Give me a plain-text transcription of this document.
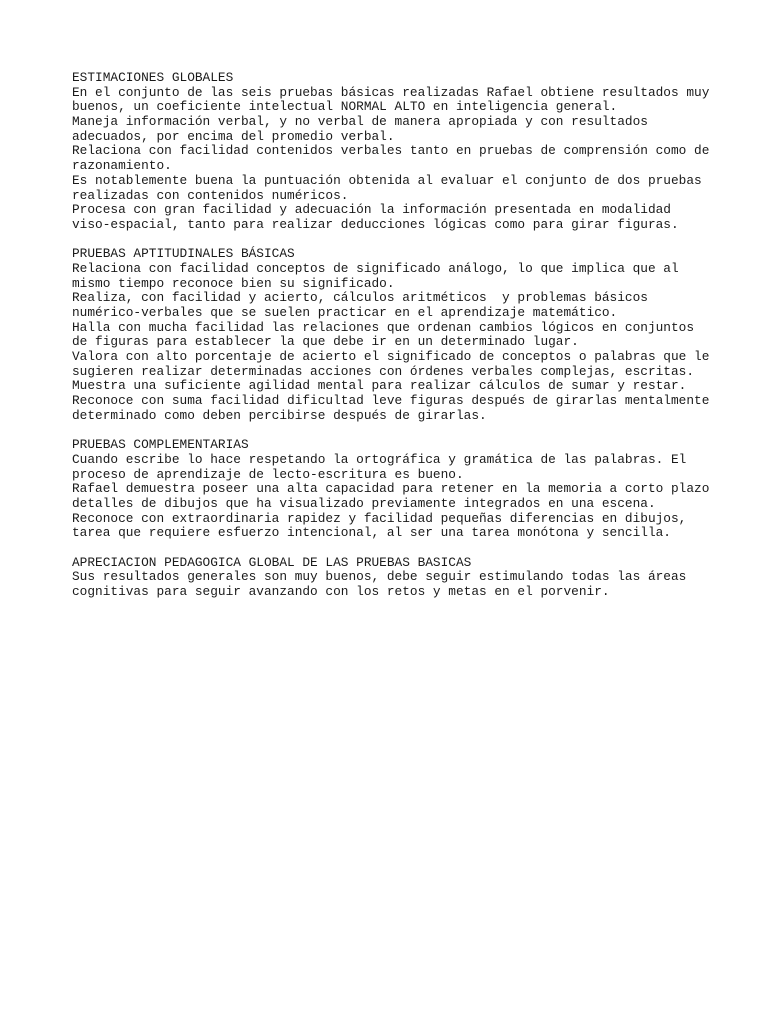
ESTIMACIONES GLOBALES
En el conjunto de las seis pruebas básicas realizadas Rafael obtiene resultados muy
buenos, un coeficiente intelectual NORMAL ALTO en inteligencia general.
Maneja información verbal, y no verbal de manera apropiada y con resultados
adecuados, por encima del promedio verbal.
Relaciona con facilidad contenidos verbales tanto en pruebas de comprensión como de
razonamiento.
Es notablemente buena la puntuación obtenida al evaluar el conjunto de dos pruebas
realizadas con contenidos numéricos.
Procesa con gran facilidad y adecuación la información presentada en modalidad
viso-espacial, tanto para realizar deducciones lógicas como para girar figuras.
PRUEBAS APTITUDINALES BÁSICAS
Relaciona con facilidad conceptos de significado análogo, lo que implica que al
mismo tiempo reconoce bien su significado.
Realiza, con facilidad y acierto, cálculos aritméticos  y problemas básicos
numérico-verbales que se suelen practicar en el aprendizaje matemático.
Halla con mucha facilidad las relaciones que ordenan cambios lógicos en conjuntos
de figuras para establecer la que debe ir en un determinado lugar.
Valora con alto porcentaje de acierto el significado de conceptos o palabras que le
sugieren realizar determinadas acciones con órdenes verbales complejas, escritas.
Muestra una suficiente agilidad mental para realizar cálculos de sumar y restar.
Reconoce con suma facilidad dificultad leve figuras después de girarlas mentalmente
determinado como deben percibirse después de girarlas.
PRUEBAS COMPLEMENTARIAS
Cuando escribe lo hace respetando la ortográfica y gramática de las palabras. El
proceso de aprendizaje de lecto-escritura es bueno.
Rafael demuestra poseer una alta capacidad para retener en la memoria a corto plazo
detalles de dibujos que ha visualizado previamente integrados en una escena.
Reconoce con extraordinaria rapidez y facilidad pequeñas diferencias en dibujos,
tarea que requiere esfuerzo intencional, al ser una tarea monótona y sencilla.
APRECIACION PEDAGOGICA GLOBAL DE LAS PRUEBAS BASICAS
Sus resultados generales son muy buenos, debe seguir estimulando todas las áreas
cognitivas para seguir avanzando con los retos y metas en el porvenir.
